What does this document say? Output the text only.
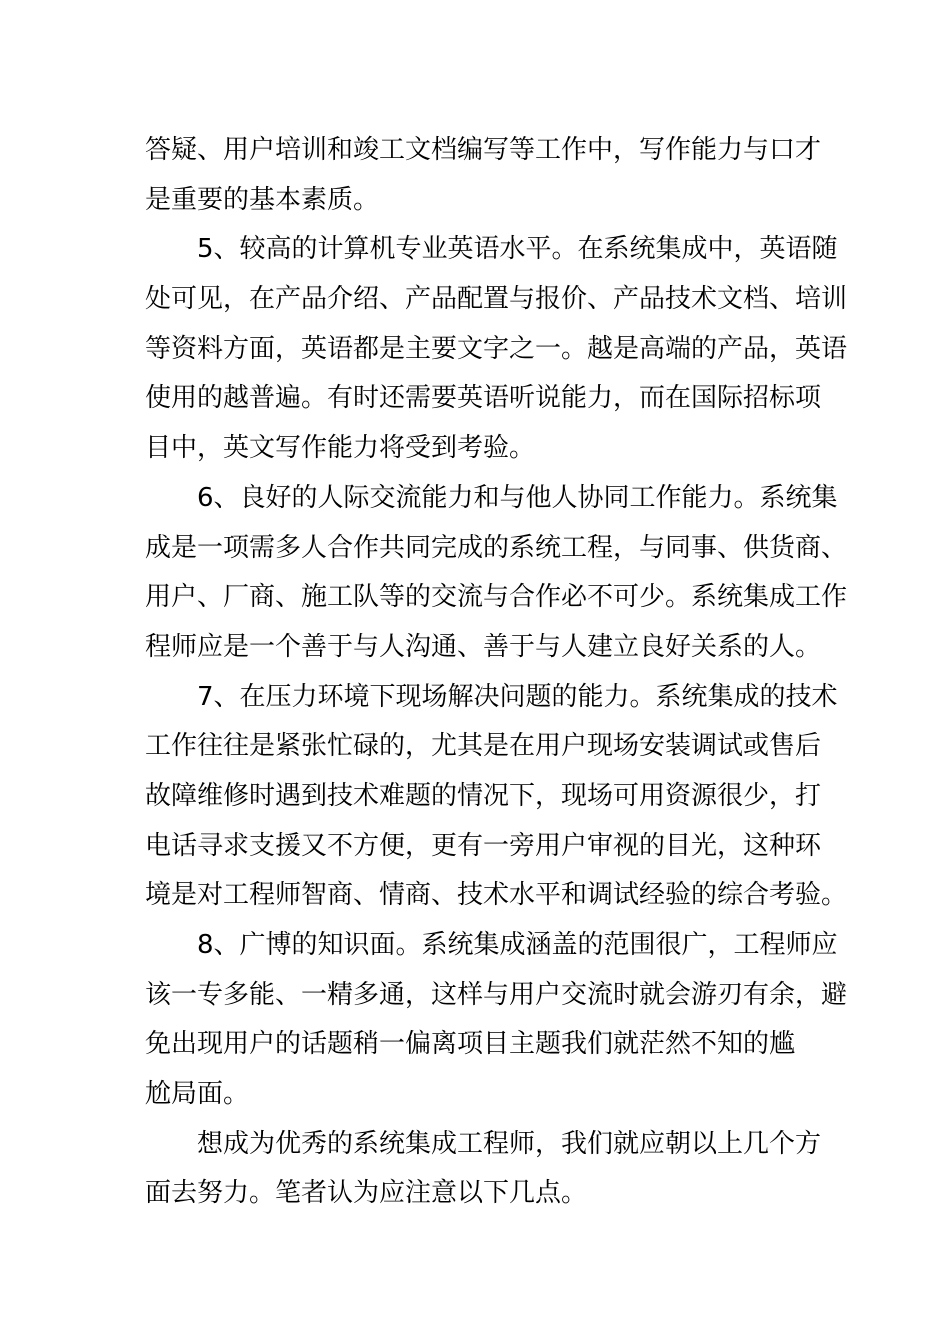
答疑、用户培训和竣工文档编写等工作中，写作能力与口才
是重要的基本素质。
5、较高的计算机专业英语水平。在系统集成中，英语随
处可见，在产品介绍、产品配置与报价、产品技术文档、培训
等资料方面，英语都是主要文字之一。越是高端的产品，英语
使用的越普遍。有时还需要英语听说能力，而在国际招标项
目中，英文写作能力将受到考验。
6、良好的人际交流能力和与他人协同工作能力。系统集
成是一项需多人合作共同完成的系统工程，与同事、供货商、
用户、厂商、施工队等的交流与合作必不可少。系统集成工作
程师应是一个善于与人沟通、善于与人建立良好关系的人。
7、在压力环境下现场解决问题的能力。系统集成的技术
工作往往是紧张忙碌的，尤其是在用户现场安装调试或售后
故障维修时遇到技术难题的情况下，现场可用资源很少，打
电话寻求支援又不方便，更有一旁用户审视的目光，这种环
境是对工程师智商、情商、技术水平和调试经验的综合考验。
8、广博的知识面。系统集成涵盖的范围很广，工程师应
该一专多能、一精多通，这样与用户交流时就会游刃有余，避
免出现用户的话题稍一偏离项目主题我们就茫然不知的尴
尬局面。
想成为优秀的系统集成工程师，我们就应朝以上几个方
面去努力。笔者认为应注意以下几点。
